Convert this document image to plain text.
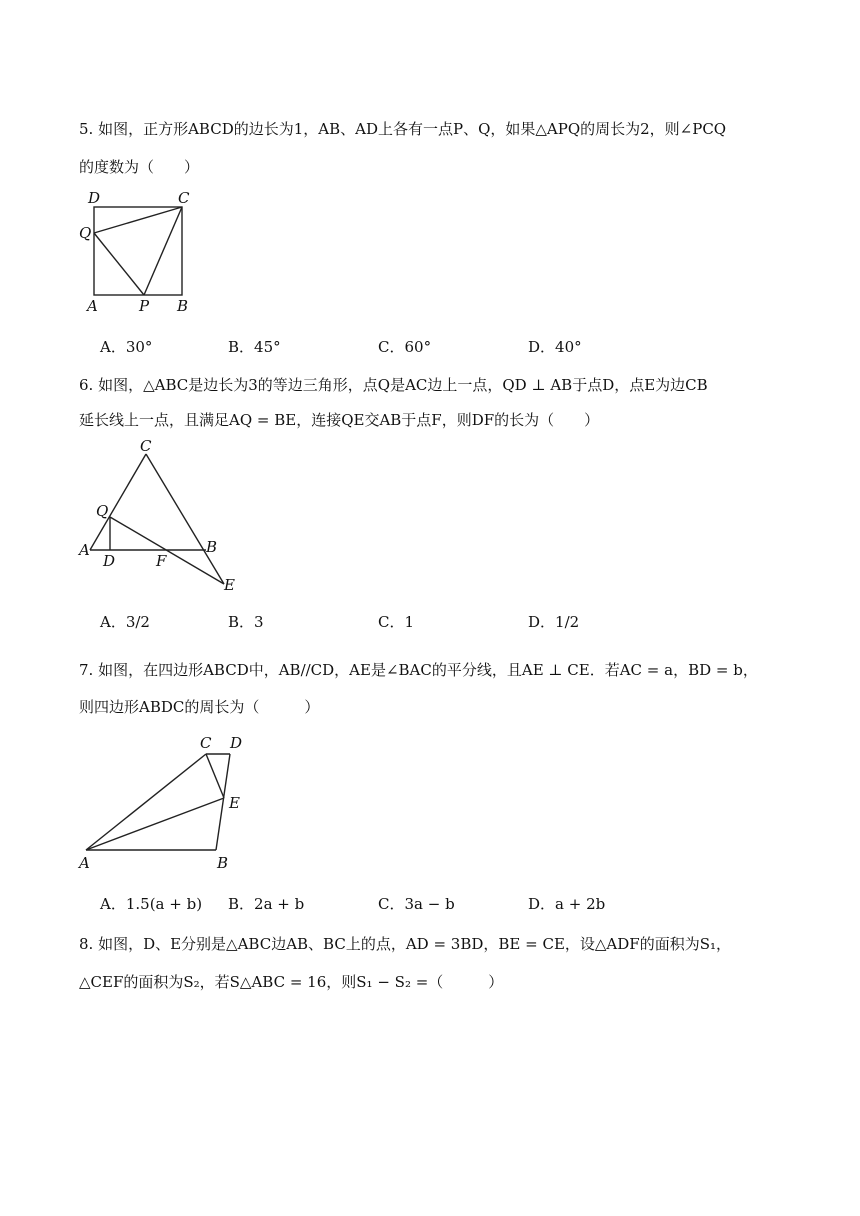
5. 如图，正方形ABCD的边长为1，AB、AD上各有一点P、Q，如果△APQ的周长为2，则∠PCQ
的度数为（　　）
D	C
Q
A	P B
A．30°	B．45°	C．60°	D．40°
6. 如图，△ABC是边长为3的等边三角形，点Q是AC边上一点，QD ⊥ AB于点D，点E为边CB
延长线上一点，且满足AQ = BE，连接QE交AB于点F，则DF的长为（　　）
C
Q
A
D	F
B
E
A．3/2	B．3	C．1	D．1/2
7. 如图，在四边形ABCD中，AB//CD，AE是∠BAC的平分线，且AE ⊥ CE．若AC = a，BD = b，
则四边形ABDC的周长为（　　　）
C D
E
A	B
A．1.5(a + b) B．2a + b	C．3a − b	D．a + 2b
8. 如图，D、E分别是△ABC边AB、BC上的点，AD = 3BD，BE = CE，设△ADF的面积为S₁，
△CEF的面积为S₂，若S△ABC = 16，则S₁ − S₂ =（　　　）
